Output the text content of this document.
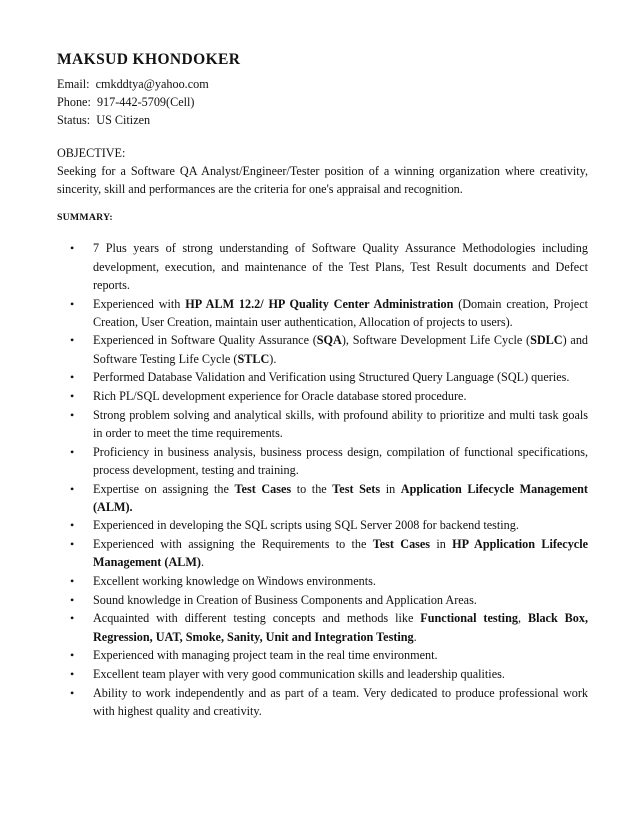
MAKSUD KHONDOKER
Email: cmkddtya@yahoo.com
Phone: 917-442-5709(Cell)
Status: US Citizen
OBJECTIVE:
Seeking for a Software QA Analyst/Engineer/Tester position of a winning organization where creativity, sincerity, skill and performances are the criteria for one's appraisal and recognition.
SUMMARY:
• 7 Plus years of strong understanding of Software Quality Assurance Methodologies including development, execution, and maintenance of the Test Plans, Test Result documents and Defect reports.
• Experienced with HP ALM 12.2/ HP Quality Center Administration (Domain creation, Project Creation, User Creation, maintain user authentication, Allocation of projects to users).
• Experienced in Software Quality Assurance (SQA), Software Development Life Cycle (SDLC) and Software Testing Life Cycle (STLC).
• Performed Database Validation and Verification using Structured Query Language (SQL) queries.
• Rich PL/SQL development experience for Oracle database stored procedure.
• Strong problem solving and analytical skills, with profound ability to prioritize and multi task goals in order to meet the time requirements.
• Proficiency in business analysis, business process design, compilation of functional specifications, process development, testing and training.
• Expertise on assigning the Test Cases to the Test Sets in Application Lifecycle Management (ALM).
• Experienced in developing the SQL scripts using SQL Server 2008 for backend testing.
• Experienced with assigning the Requirements to the Test Cases in HP Application Lifecycle Management (ALM).
• Excellent working knowledge on Windows environments.
• Sound knowledge in Creation of Business Components and Application Areas.
• Acquainted with different testing concepts and methods like Functional testing, Black Box, Regression, UAT, Smoke, Sanity, Unit and Integration Testing.
• Experienced with managing project team in the real time environment.
• Excellent team player with very good communication skills and leadership qualities.
• Ability to work independently and as part of a team. Very dedicated to produce professional work with highest quality and creativity.
